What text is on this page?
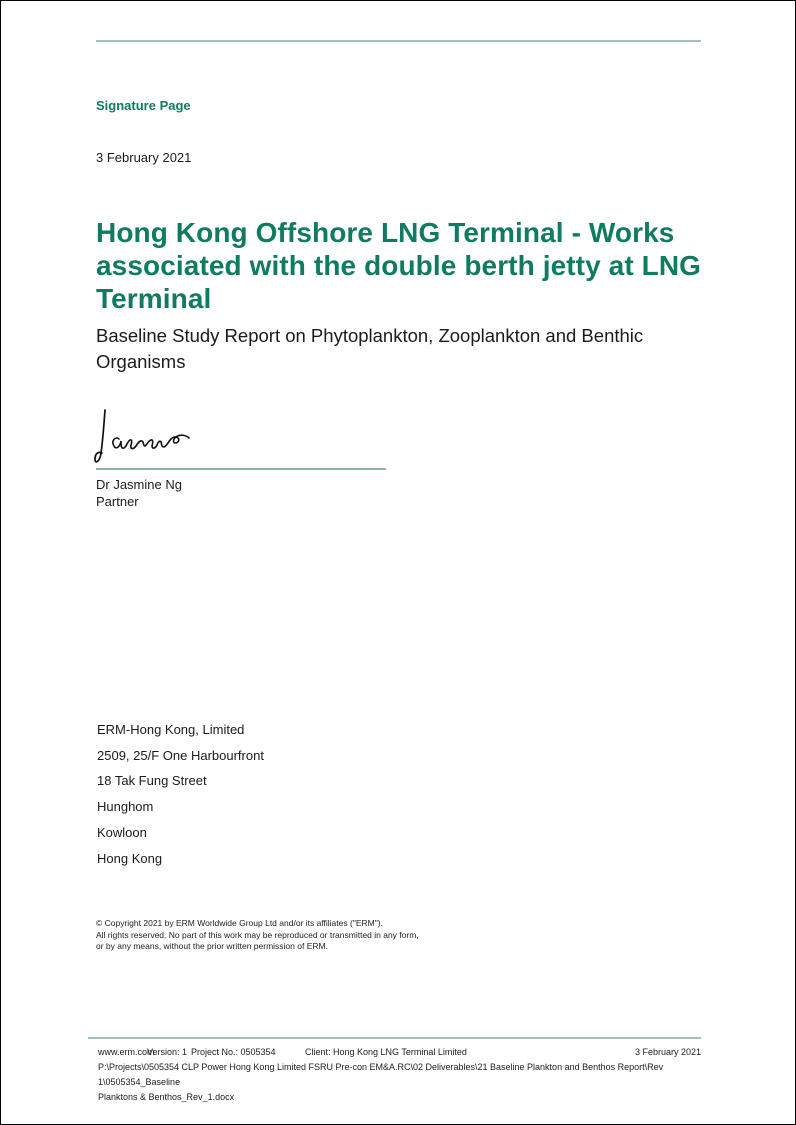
Signature Page
3 February 2021
Hong Kong Offshore LNG Terminal - Works
associated with the double berth jetty at LNG
Terminal
Baseline Study Report on Phytoplankton, Zooplankton and Benthic
Organisms
Dr Jasmine Ng
Partner
ERM-Hong Kong, Limited
2509, 25/F One Harbourfront
18 Tak Fung Street
Hunghom
Kowloon
Hong Kong
© Copyright 2021 by ERM Worldwide Group Ltd and/or its affiliates ("ERM").
All rights reserved. No part of this work may be reproduced or transmitted in any form,
or by any means, without the prior written permission of ERM.
www.erm.com
Version: 1 Project No.: 0505354	Client: Hong Kong LNG Terminal Limited	3 February 2021
P:\Projects\0505354 CLP Power Hong Kong Limited FSRU Pre-con EM&A.RC\02 Deliverables\21 Baseline Plankton and Benthos Report\Rev 1\0505354_Baseline
Planktons & Benthos_Rev_1.docx
